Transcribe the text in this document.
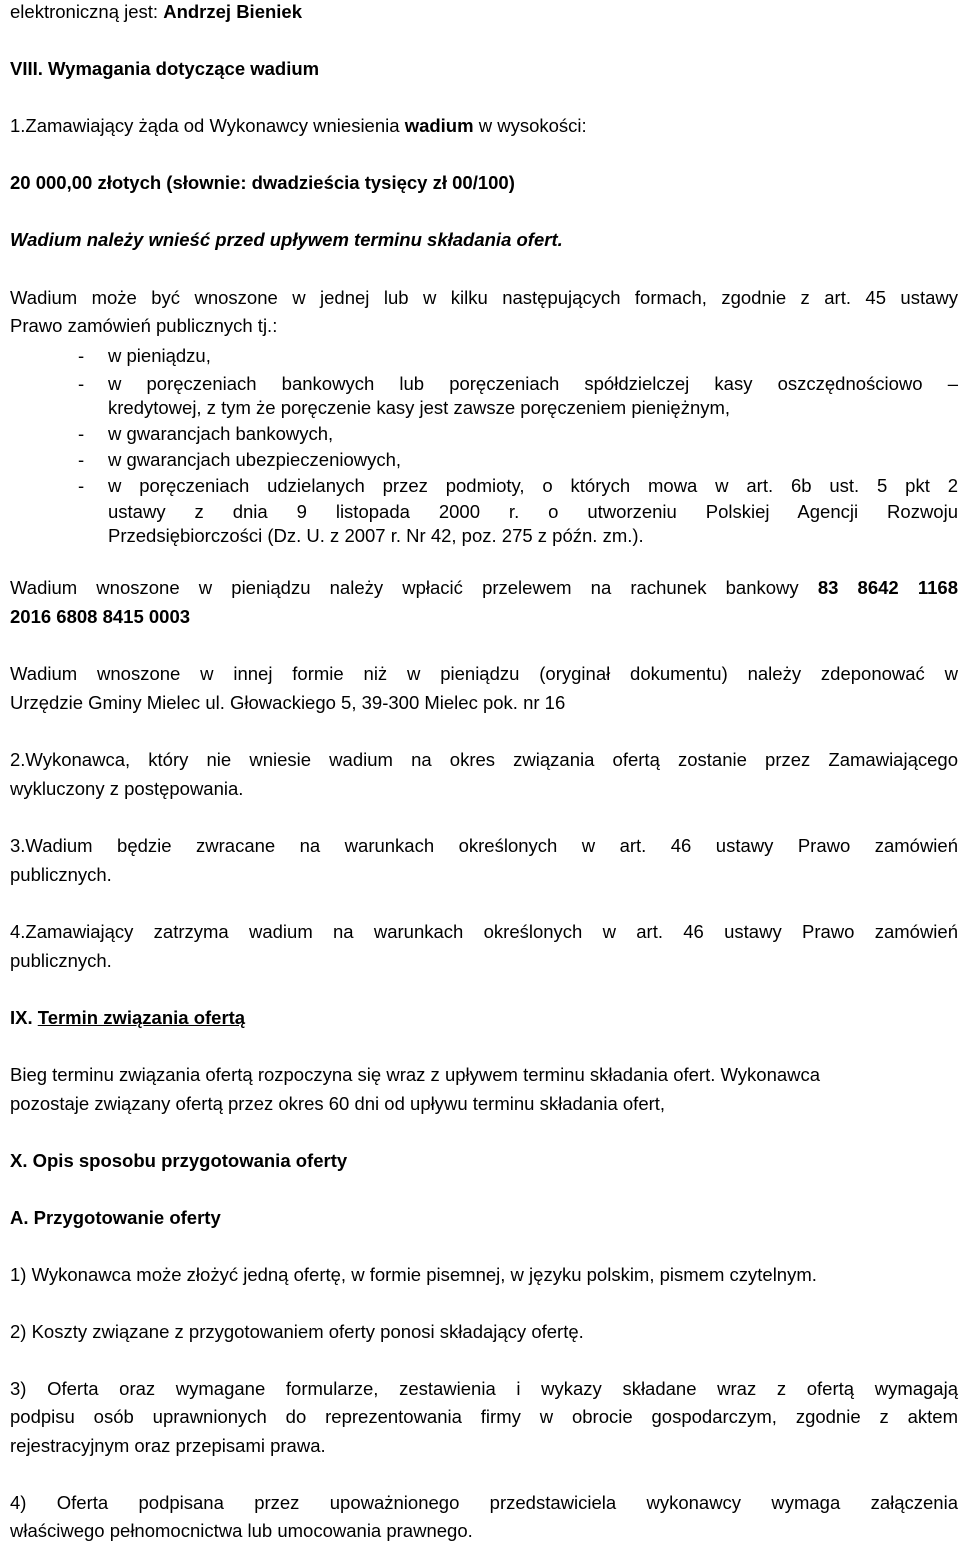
elektroniczną jest: Andrzej Bieniek
VIII. Wymagania dotyczące wadium
1.Zamawiający żąda od Wykonawcy wniesienia wadium w wysokości:
20 000,00 złotych (słownie: dwadzieścia tysięcy zł 00/100)
Wadium należy wnieść przed upływem terminu składania ofert.
Wadium może być wnoszone w jednej lub w kilku następujących formach, zgodnie z art. 45 ustawy
Prawo zamówień publicznych tj.:
- w pieniądzu,
- w poręczeniach bankowych lub poręczeniach spółdzielczej kasy oszczędnościowo –
kredytowej, z tym że poręczenie kasy jest zawsze poręczeniem pieniężnym,
- w gwarancjach bankowych,
- w gwarancjach ubezpieczeniowych,
- w poręczeniach udzielanych przez podmioty, o których mowa w art. 6b ust. 5 pkt 2
ustawy z dnia 9 listopada 2000 r. o utworzeniu Polskiej Agencji Rozwoju
Przedsiębiorczości (Dz. U. z 2007 r. Nr 42, poz. 275 z późn. zm.).
Wadium wnoszone w pieniądzu należy wpłacić przelewem na rachunek bankowy 83 8642 1168
2016 6808 8415 0003
Wadium wnoszone w innej formie niż w pieniądzu (oryginał dokumentu) należy zdeponować w
Urzędzie Gminy Mielec ul. Głowackiego 5, 39-300 Mielec pok. nr 16
2.Wykonawca, który nie wniesie wadium na okres związania ofertą zostanie przez Zamawiającego
wykluczony z postępowania.
3.Wadium będzie zwracane na warunkach określonych w art. 46 ustawy Prawo zamówień
publicznych.
4.Zamawiający zatrzyma wadium na warunkach określonych w art. 46 ustawy Prawo zamówień
publicznych.
IX. Termin związania ofertą
Bieg terminu związania ofertą rozpoczyna się wraz z upływem terminu składania ofert. Wykonawca
pozostaje związany ofertą przez okres 60 dni od upływu terminu składania ofert,
X. Opis sposobu przygotowania oferty
A. Przygotowanie oferty
1) Wykonawca może złożyć jedną ofertę, w formie pisemnej, w języku polskim, pismem czytelnym.
2) Koszty związane z przygotowaniem oferty ponosi składający ofertę.
3) Oferta oraz wymagane formularze, zestawienia i wykazy składane wraz z ofertą wymagają
podpisu osób uprawnionych do reprezentowania firmy w obrocie gospodarczym, zgodnie z aktem
rejestracyjnym oraz przepisami prawa.
4) Oferta podpisana przez upoważnionego przedstawiciela wykonawcy wymaga załączenia
właściwego pełnomocnictwa lub umocowania prawnego.
